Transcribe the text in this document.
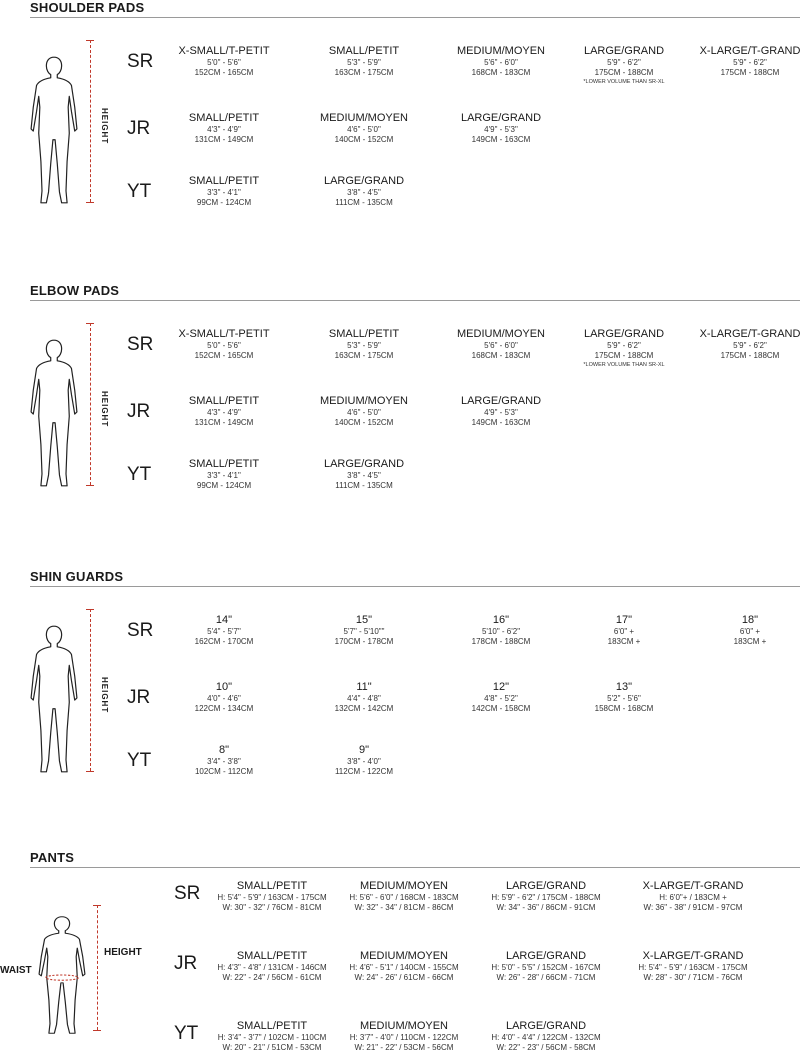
SHOULDER PADS
HEIGHT
SR X-SMALL/T-PETIT
5'0" - 5'6"
152CM - 165CM
SMALL/PETIT
5'3" - 5'9"
163CM - 175CM
MEDIUM/MOYEN
5'6" - 6'0"
168CM - 183CM
LARGE/GRAND
5'9" - 6'2"
175CM - 188CM
*LOWER VOLUME THAN SR-XL
X-LARGE/T-GRAND
5'9" - 6'2"
175CM - 188CM
JR	SMALL/PETIT
4'3" - 4'9"
131CM - 149CM
MEDIUM/MOYEN
4'6" - 5'0"
140CM - 152CM
LARGE/GRAND
4'9" - 5'3"
149CM - 163CM
YT	SMALL/PETIT
3'3" - 4'1"
99CM - 124CM
LARGE/GRAND
3'8" - 4'5"
111CM - 135CM
ELBOW PADS
HEIGHT
SR X-SMALL/T-PETIT
5'0" - 5'6"
152CM - 165CM
SMALL/PETIT
5'3" - 5'9"
163CM - 175CM
MEDIUM/MOYEN
5'6" - 6'0"
168CM - 183CM
LARGE/GRAND
5'9" - 6'2"
175CM - 188CM
*LOWER VOLUME THAN SR-XL
X-LARGE/T-GRAND
5'9" - 6'2"
175CM - 188CM
JR	SMALL/PETIT
4'3" - 4'9"
131CM - 149CM
MEDIUM/MOYEN
4'6" - 5'0"
140CM - 152CM
LARGE/GRAND
4'9" - 5'3"
149CM - 163CM
YT	SMALL/PETIT
3'3" - 4'1"
99CM - 124CM
LARGE/GRAND
3'8" - 4'5"
111CM - 135CM
SHIN GUARDS
HEIGHT
SR	14"
5'4" - 5'7"
162CM - 170CM
15"
5'7" - 5'10""
170CM - 178CM
16"
5'10" - 6'2"
178CM - 188CM
17"
6'0" +
183CM +
18"
6'0" +
183CM +
JR	10"
4'0" - 4'6"
122CM - 134CM
11"
4'4" - 4'8"
132CM - 142CM
12"
4'8" - 5'2"
142CM - 158CM
13"
5'2" - 5'6"
158CM - 168CM
YT	8"
3'4" - 3'8"
102CM - 112CM
9"
3'8" - 4'0"
112CM - 122CM
PANTS
WAIST
HEIGHT
SR	SMALL/PETIT
H: 5'4" - 5'9" / 163CM - 175CM
W: 30" - 32" / 76CM - 81CM
MEDIUM/MOYEN
H: 5'6" - 6'0" / 168CM - 183CM
W: 32" - 34" / 81CM - 86CM
LARGE/GRAND
H: 5'9" - 6'2" / 175CM - 188CM
W: 34" - 36" / 86CM - 91CM
X-LARGE/T-GRAND
H: 6'0"+ / 183CM +
W: 36" - 38" / 91CM - 97CM
JR	SMALL/PETIT
H: 4'3" - 4'8" / 131CM - 146CM
W: 22" - 24" / 56CM - 61CM
MEDIUM/MOYEN
H: 4'6" - 5'1" / 140CM - 155CM
W: 24" - 26" / 61CM - 66CM
LARGE/GRAND
H: 5'0" - 5'5" / 152CM - 167CM
W: 26" - 28" / 66CM - 71CM
X-LARGE/T-GRAND
H: 5'4" - 5'9" / 163CM - 175CM
W: 28" - 30" / 71CM - 76CM
YT	SMALL/PETIT
H: 3'4" - 3'7" / 102CM - 110CM
W: 20" - 21" / 51CM - 53CM
MEDIUM/MOYEN
H: 3'7" - 4'0" / 110CM - 122CM
W: 21" - 22" / 53CM - 56CM
LARGE/GRAND
H: 4'0" - 4'4" / 122CM - 132CM
W: 22" - 23" / 56CM - 58CM
